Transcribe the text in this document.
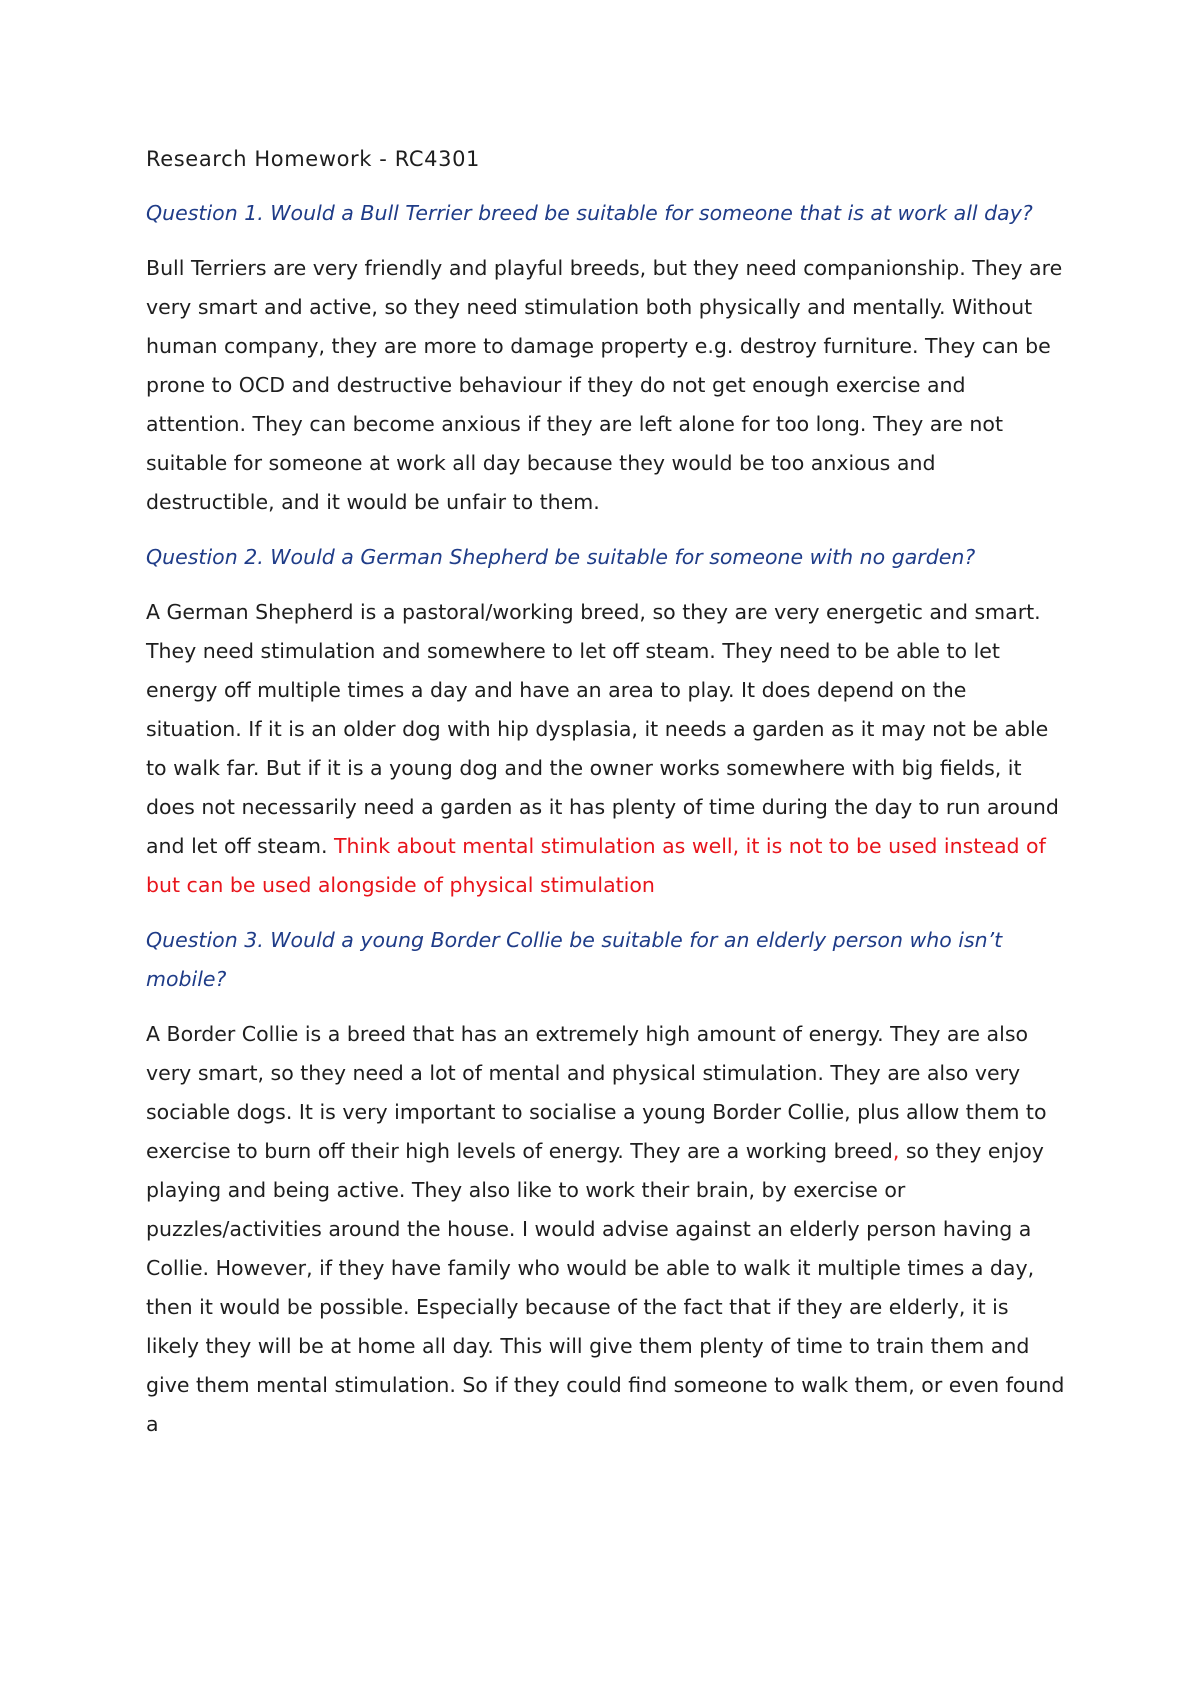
Research Homework - RC4301

Question 1. Would a Bull Terrier breed be suitable for someone that is at work all day?

Bull Terriers are very friendly and playful breeds, but they need companionship. They are very smart and active, so they need stimulation both physically and mentally. Without human company, they are more to damage property e.g. destroy furniture. They can be prone to OCD and destructive behaviour if they do not get enough exercise and attention. They can become anxious if they are left alone for too long. They are not suitable for someone at work all day because they would be too anxious and destructible, and it would be unfair to them.

Question 2. Would a German Shepherd be suitable for someone with no garden?

A German Shepherd is a pastoral/working breed, so they are very energetic and smart. They need stimulation and somewhere to let off steam. They need to be able to let energy off multiple times a day and have an area to play. It does depend on the situation. If it is an older dog with hip dysplasia, it needs a garden as it may not be able to walk far. But if it is a young dog and the owner works somewhere with big fields, it does not necessarily need a garden as it has plenty of time during the day to run around and let off steam. Think about mental stimulation as well, it is not to be used instead of but can be used alongside of physical stimulation

Question 3. Would a young Border Collie be suitable for an elderly person who isn’t mobile?

A Border Collie is a breed that has an extremely high amount of energy. They are also very smart, so they need a lot of mental and physical stimulation. They are also very sociable dogs. It is very important to socialise a young Border Collie, plus allow them to exercise to burn off their high levels of energy. They are a working breed, so they enjoy playing and being active. They also like to work their brain, by exercise or puzzles/activities around the house. I would advise against an elderly person having a Collie. However, if they have family who would be able to walk it multiple times a day, then it would be possible. Especially because of the fact that if they are elderly, it is likely they will be at home all day. This will give them plenty of time to train them and give them mental stimulation. So if they could find someone to walk them, or even found a
